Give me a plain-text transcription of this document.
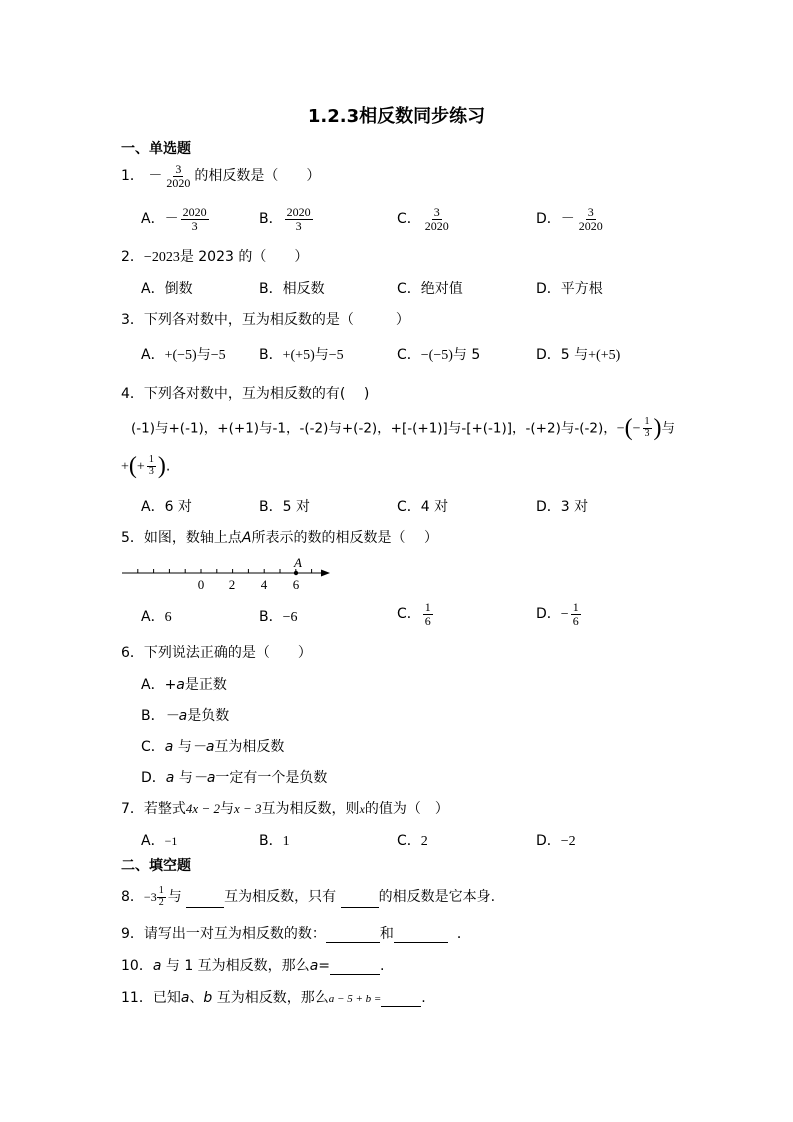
1.2.3相反数同步练习
一、单选题
1． － $\frac{3}{2020}$ 的相反数是（　　）
A．－ $\frac{2020}{3}$	B． $\frac{2020}{3}$	C． $\frac{3}{2020}$	D．－ $\frac{3}{2020}$
2．−2023是 2023 的（　　）
A．倒数	B．相反数	C．绝对值	D．平方根
3．下列各对数中，互为相反数的是（　　　）
A．+(−5)与−5 B．+(+5)与−5	C．−(−5)与 5	D．5 与+(+5)
4．下列各对数中，互为相反数的有(　 )
(-1)与+(-1)，+(+1)与-1，-(-2)与+(-2)，+[-(+1)]与-[+(-1)]，-(+2)与-(-2)，−(− $\frac{1}{3}$ )与
+(+ $\frac{1}{3}$ ).
A．6 对	B．5 对	C．4 对	D．3 对
5．如图，数轴上点A所表示的数的相反数是（　 ）
0 2 4 6
A
A．6	B．−6	C． $\frac{1}{6}$	D．− $\frac{1}{6}$
6．下列说法正确的是（　　）
A．+a是正数
B．－a是负数
C．a 与－a互为相反数
D．a 与－a一定有一个是负数
7．若整式4x − 2与x − 3互为相反数，则x的值为（　）
A．−1	B．1	C．2	D．−2
二、填空题
8．$-3 \frac{1}{2}$ 与	互为相反数，只有	的相反数是它本身.
9．请写出一对互为相反数的数：	和	．
10．a 与 1 互为相反数，那么a=	.
11．已知a、b 互为相反数，那么a − 5 + b =	.
